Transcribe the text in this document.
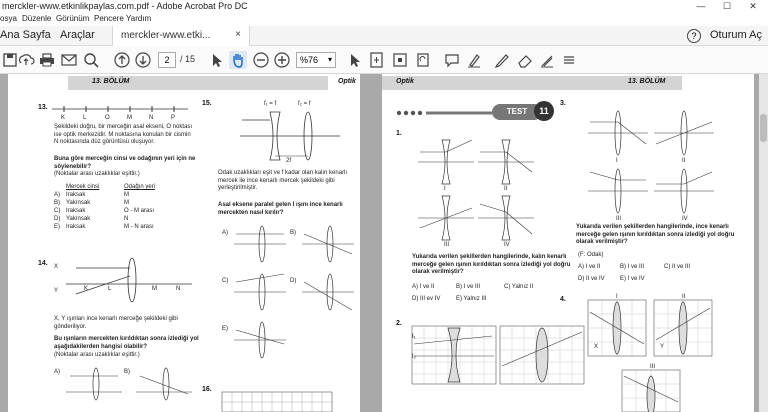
merckler-www.etkinlikpaylas.com.pdf - Adobe Acrobat Pro DC	—	☐	✕
osya Düzenle Görünüm Pencere Yardım
Ana Sayfa Araçlar	merckler-www.etki... ×	?	Oturum Aç
2	/ 15	%76 ▾
13. BÖLÜM	Optik
13.
K	L	O	M	N	P
Şekildeki doğru, bir merceğin asal ekseni, O noktası ise optik merkezidir. M noktasına konulan bir cismin N noktasında düz görüntüsü oluşuyor.
Buna göre merceğin cinsi ve odağının yeri için ne söylenebilir?
(Noktalar arası uzaklıklar eşittir.)
Mercek cinsi	Odağın yeri
A) Iraksak	M
B) Yakınsak	M
C) Iraksak	O - M arası
D) Yakınsak	N
E) Iraksak	M - N arası
14. X
Y	K	L	M	N
X, Y ışınları ince kenarlı merceğe şekildeki gibi gönderiliyor.
Bu ışınların mercekten kırıldıktan sonra izlediği yol aşağıdakilerden hangisi olabilir?
(Noktalar arası uzaklıklar eşittir.)
A)	B)
15.	f₁ = f	f₂ = f
2f
Odak uzaklıkları eşit ve f kadar olan kalın kenarlı mercek ile ince kenarlı mercek şekildeki gibi yerleştirilmiştir.
Asal eksene paralel gelen I ışını ince kenarlı mercekten nasıl kırılır?
A)	B)
C)	D)
E)
16.
Optik	13. BÖLÜM
TEST	11
1.
I	II
III	IV
Yukarıda verilen şekillerden hangilerinde, kalın kenarlı merceğe gelen ışının kırıldıktan sonra izlediği yol doğru olarak verilmiştir?
A) I ve II	B) I ve III	C) Yalnız II
D) III ev IV	E) Yalnız III
2.
I₁
I₂
3.
I	II
III	IV
Yukarıda verilen şekillerden hangilerinde, ince kenarlı merceğe gelen ışının kırıldıktan sonra izlediği yol doğru olarak verilmiştir?
(F: Odak)
A) I ve II	B) I ve III	C) II ve III
D) II ve IV	E) I ve IV
4.	I
X
II
Y
III
